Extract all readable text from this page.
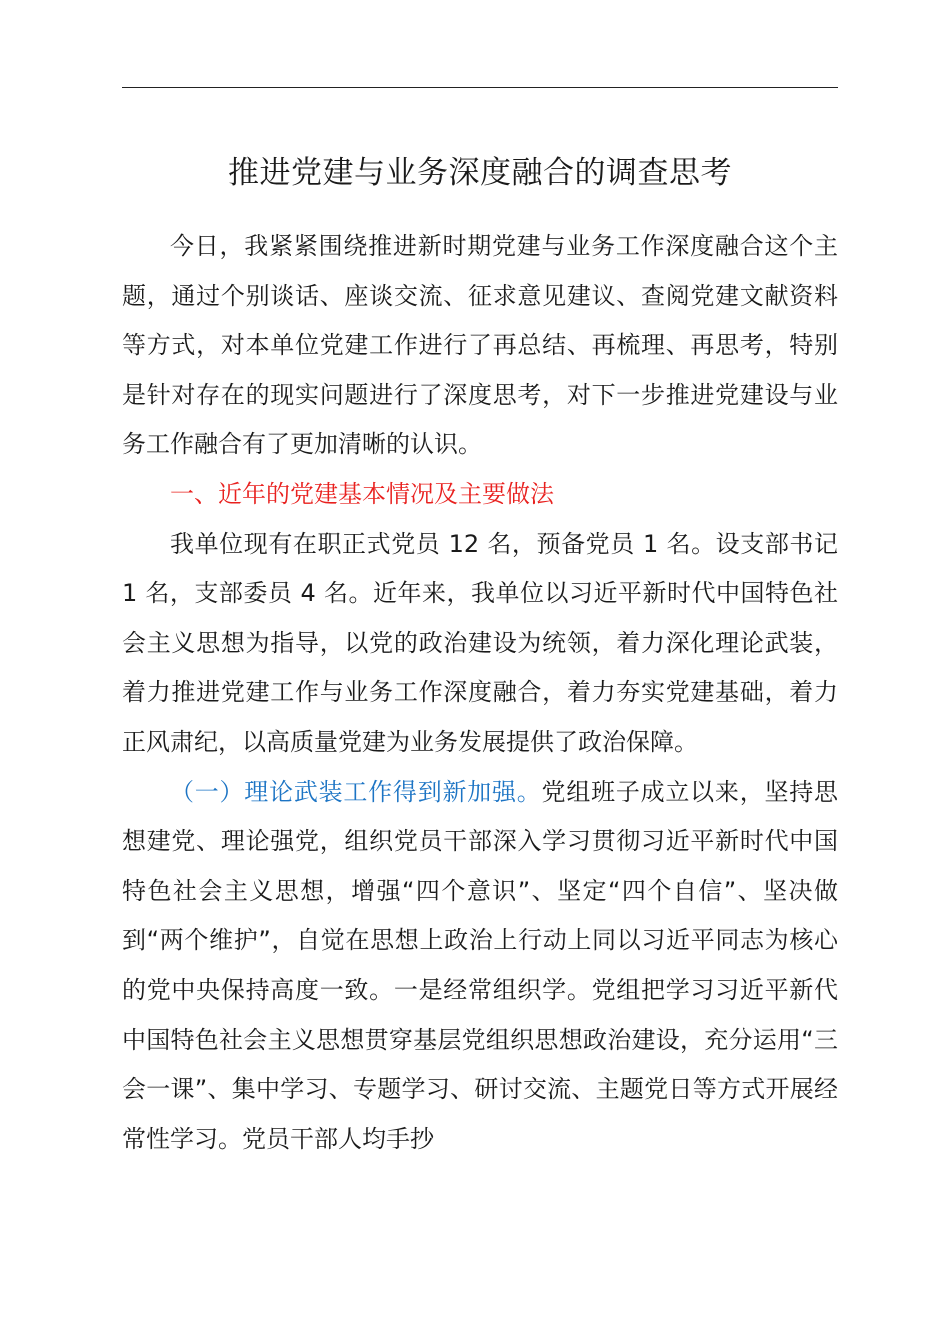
推进党建与业务深度融合的调查思考

今日，我紧紧围绕推进新时期党建与业务工作深度融合这个主题，通过个别谈话、座谈交流、征求意见建议、查阅党建文献资料等方式，对本单位党建工作进行了再总结、再梳理、再思考，特别是针对存在的现实问题进行了深度思考，对下一步推进党建设与业务工作融合有了更加清晰的认识。

一、近年的党建基本情况及主要做法

我单位现有在职正式党员 12 名，预备党员 1 名。设支部书记 1 名，支部委员 4 名。近年来，我单位以习近平新时代中国特色社会主义思想为指导，以党的政治建设为统领，着力深化理论武装，着力推进党建工作与业务工作深度融合，着力夯实党建基础，着力正风肃纪，以高质量党建为业务发展提供了政治保障。

（一）理论武装工作得到新加强。党组班子成立以来，坚持思想建党、理论强党，组织党员干部深入学习贯彻习近平新时代中国特色社会主义思想，增强“四个意识”、坚定“四个自信”、坚决做到“两个维护”，自觉在思想上政治上行动上同以习近平同志为核心的党中央保持高度一致。一是经常组织学。党组把学习习近平新代中国特色社会主义思想贯穿基层党组织思想政治建设，充分运用“三会一课”、集中学习、专题学习、研讨交流、主题党日等方式开展经常性学习。党员干部人均手抄
